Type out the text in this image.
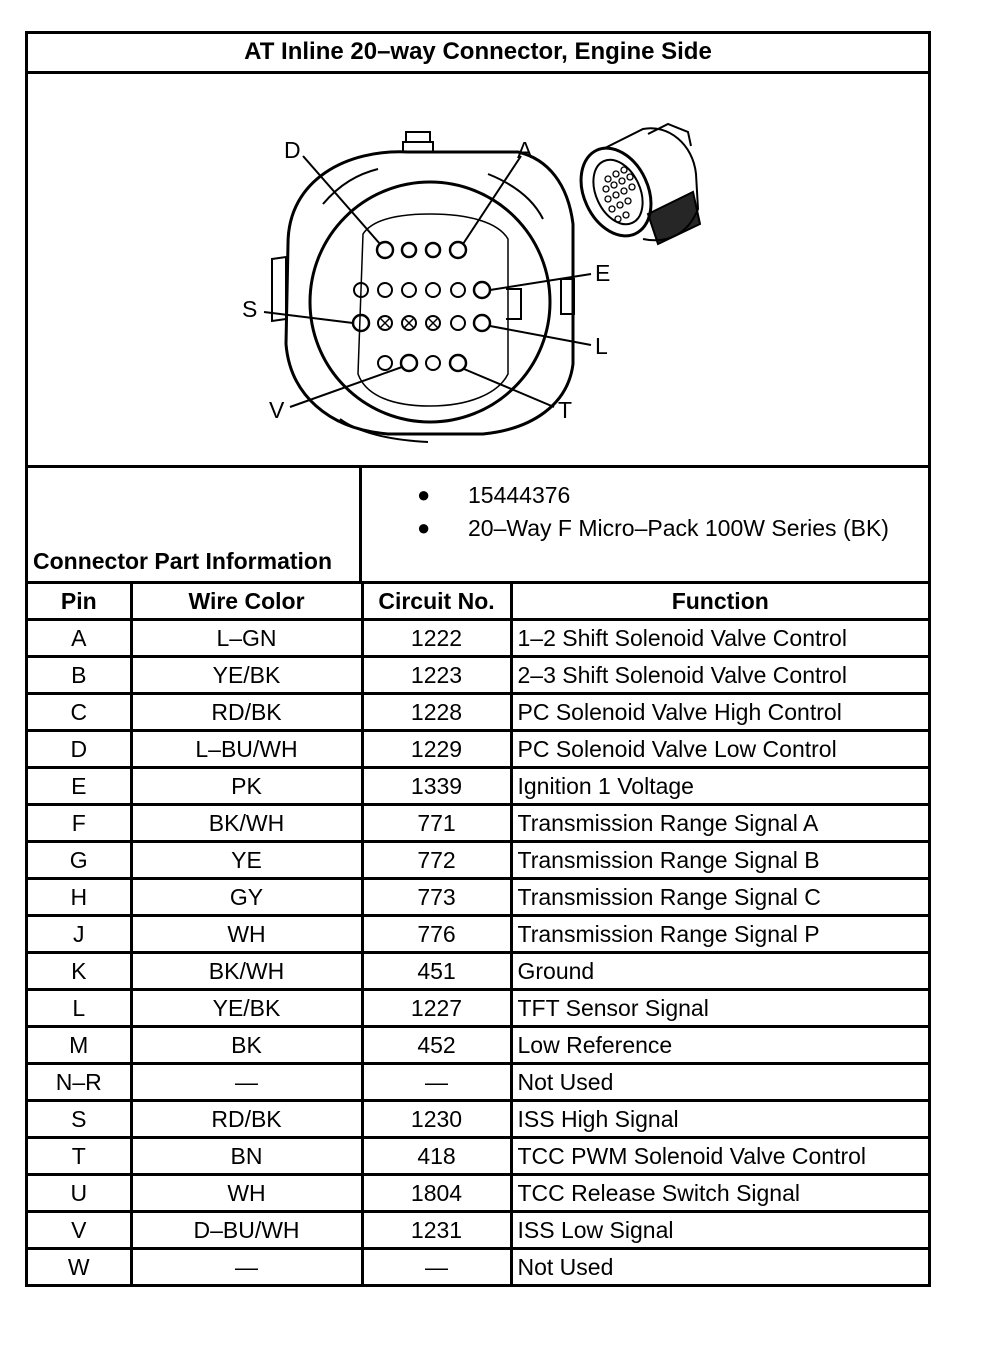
AT Inline 20–way Connector, Engine Side
D	A
E
S
L
V	T
Connector Part Information
● 15444376
● 20–Way F Micro–Pack 100W Series (BK)
Pin	Wire Color	Circuit No.	Function
A	L–GN	1222	1–2 Shift Solenoid Valve Control
B	YE/BK	1223	2–3 Shift Solenoid Valve Control
C	RD/BK	1228	PC Solenoid Valve High Control
D	L–BU/WH	1229	PC Solenoid Valve Low Control
E	PK	1339	Ignition 1 Voltage
F	BK/WH	771	Transmission Range Signal A
G	YE	772	Transmission Range Signal B
H	GY	773	Transmission Range Signal C
J	WH	776	Transmission Range Signal P
K	BK/WH	451	Ground
L	YE/BK	1227	TFT Sensor Signal
M	BK	452	Low Reference
N–R	—	—	Not Used
S	RD/BK	1230	ISS High Signal
T	BN	418	TCC PWM Solenoid Valve Control
U	WH	1804	TCC Release Switch Signal
V	D–BU/WH	1231	ISS Low Signal
W	—	—	Not Used
